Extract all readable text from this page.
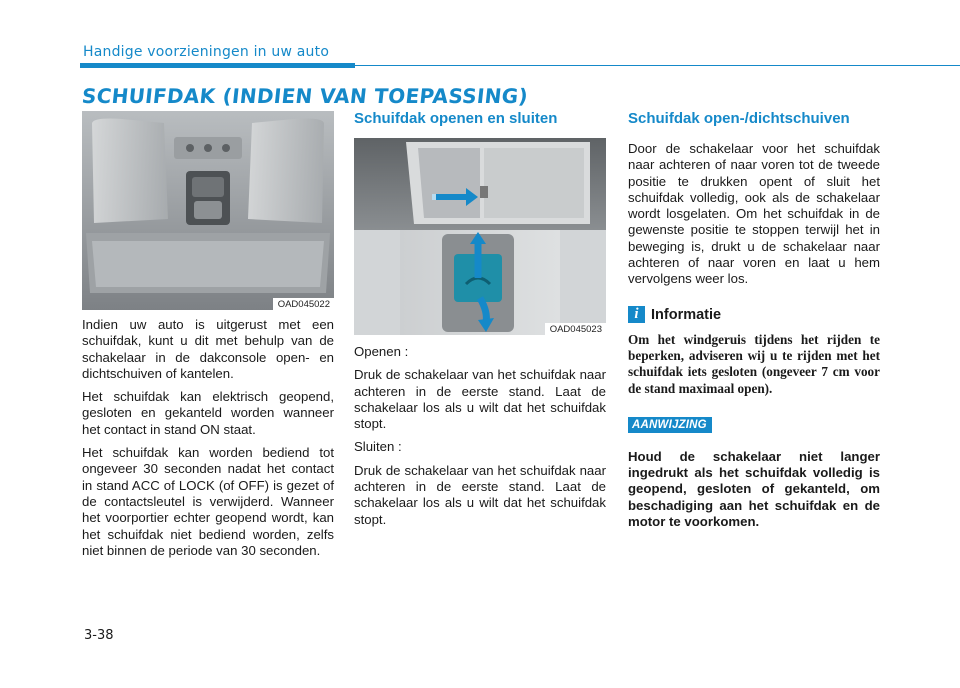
Handige voorzieningen in uw auto
SCHUIFDAK (INDIEN VAN TOEPASSING)
OAD045022

Indien uw auto is uitgerust met een schuifdak, kunt u dit met behulp van de schakelaar in de dakconsole open- en dichtschuiven of kantelen.

Het schuifdak kan elektrisch geopend, gesloten en gekanteld worden wanneer het contact in stand ON staat.

Het schuifdak kan worden bediend tot ongeveer 30 seconden nadat het contact in stand ACC of LOCK (of OFF) is gezet of de contactsleutel is verwijderd. Wanneer het voorportier echter geopend wordt, kan het schuifdak niet bediend worden, zelfs niet binnen de periode van 30 seconden.

Schuifdak openen en sluiten
OAD045023

Openen :

Druk de schakelaar van het schuifdak naar achteren in de eerste stand. Laat de schakelaar los als u wilt dat het schuifdak stopt.

Sluiten :

Druk de schakelaar van het schuifdak naar achteren in de eerste stand. Laat de schakelaar los als u wilt dat het schuifdak stopt.

Schuifdak open-/dichtschuiven

Door de schakelaar voor het schuifdak naar achteren of naar voren tot de tweede positie te drukken opent of sluit het schuifdak volledig, ook als de schakelaar wordt losgelaten. Om het schuifdak in de gewenste positie te stoppen terwijl het in beweging is, drukt u de schakelaar naar achteren of naar voren en laat u hem vervolgens weer los.

i Informatie

Om het windgeruis tijdens het rijden te beperken, adviseren wij u te rijden met het schuifdak iets gesloten (ongeveer 7 cm voor de stand maximaal open).

AANWIJZING

Houd de schakelaar niet langer ingedrukt als het schuifdak volledig is geopend, gesloten of gekanteld, om beschadiging aan het schuifdak en de motor te voorkomen.

3-38
